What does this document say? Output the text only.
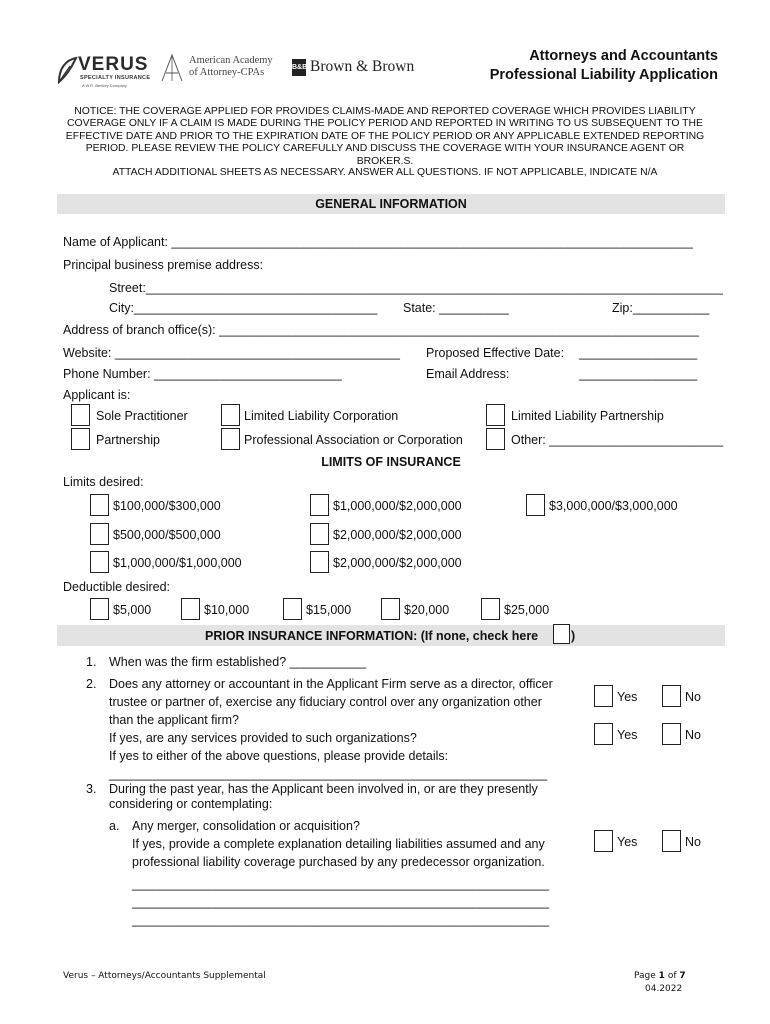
VERUS
SPECIALTY INSURANCE
A W.R. Berkley Company
American Academy
of Attorney-CPAs	B&B Brown & Brown
Attorneys and Accountants
Professional Liability Application
NOTICE: THE COVERAGE APPLIED FOR PROVIDES CLAIMS-MADE AND REPORTED COVERAGE WHICH PROVIDES LIABILITY COVERAGE ONLY IF A CLAIM IS MADE DURING THE POLICY PERIOD AND REPORTED IN WRITING TO US SUBSEQUENT TO THE EFFECTIVE DATE AND PRIOR TO THE EXPIRATION DATE OF THE POLICY PERIOD OR ANY APPLICABLE EXTENDED REPORTING PERIOD. PLEASE REVIEW THE POLICY CAREFULLY AND DISCUSS THE COVERAGE WITH YOUR INSURANCE AGENT OR BROKER.S.
ATTACH ADDITIONAL SHEETS AS NECESSARY. ANSWER ALL QUESTIONS. IF NOT APPLICABLE, INDICATE N/A
GENERAL INFORMATION
Name of Applicant: ___________________________________________________________________________
Principal business premise address:
Street:___________________________________________________________________________________
City:___________________________________ State: __________	Zip:___________
Address of branch office(s): _____________________________________________________________________
Website: _________________________________________ Proposed Effective Date: _________________
Phone Number: ___________________________	Email Address:	_________________
Applicant is:
Sole Practitioner	Limited Liability Corporation	Limited Liability Partnership
Partnership	Professional Association or Corporation	Other: _________________________
LIMITS OF INSURANCE
Limits desired:
$100,000/$300,000	$1,000,000/$2,000,000	$3,000,000/$3,000,000
$500,000/$500,000	$2,000,000/$2,000,000
$1,000,000/$1,000,000	$2,000,000/$2,000,000
Deductible desired:
$5,000	$10,000	$15,000	$20,000	$25,000
PRIOR INSURANCE INFORMATION: (If none, check here	)
1. When was the firm established? ___________
2. Does any attorney or accountant in the Applicant Firm serve as a director, officer
trustee or partner of, exercise any fiduciary control over any organization other
than the applicant firm?
If yes, are any services provided to such organizations?
If yes to either of the above questions, please provide details:
_______________________________________________________________
Yes	No
Yes	No
3. During the past year, has the Applicant been involved in, or are they presently
considering or contemplating:
a. Any merger, consolidation or acquisition?
If yes, provide a complete explanation detailing liabilities assumed and any
professional liability coverage purchased by any predecessor organization.
Yes	No
____________________________________________________________
____________________________________________________________
____________________________________________________________
Verus – Attorneys/Accountants Supplemental	Page 1 of 7
04.2022
